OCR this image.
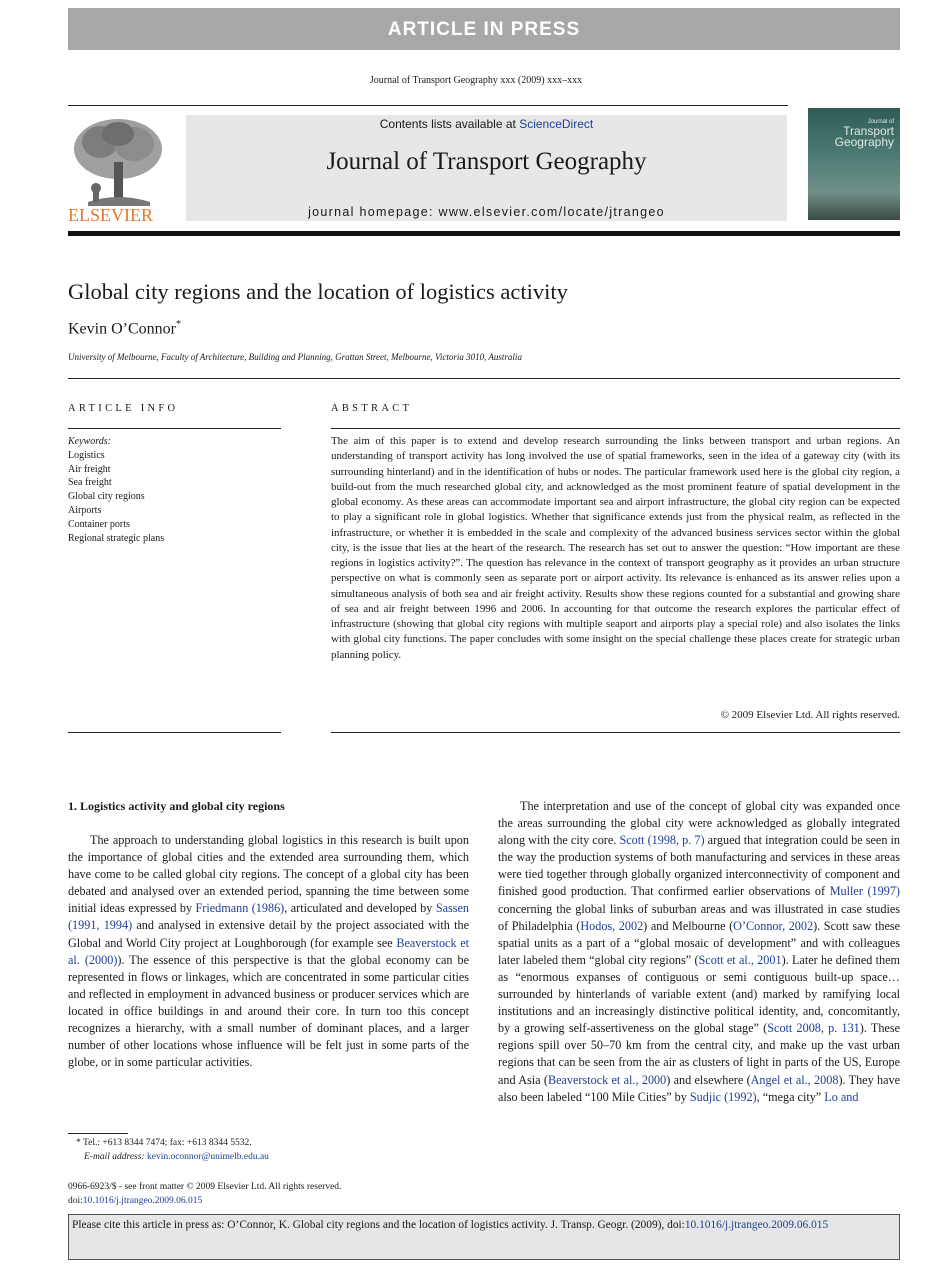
ARTICLE IN PRESS
Journal of Transport Geography xxx (2009) xxx–xxx
ELSEVIER
Contents lists available at ScienceDirect
Journal of Transport Geography
journal homepage: www.elsevier.com/locate/jtrangeo
Journal of
Transport
Geography
Global city regions and the location of logistics activity
Kevin O’Connor*
University of Melbourne, Faculty of Architecture, Building and Planning, Grattan Street, Melbourne, Victoria 3010, Australia
ARTICLE INFO	ABSTRACT
Keywords:
Logistics
Air freight
Sea freight
Global city regions
Airports
Container ports
Regional strategic plans
The aim of this paper is to extend and develop research surrounding the links between transport and urban regions. An understanding of transport activity has long involved the use of spatial frameworks, seen in the idea of a gateway city (with its surrounding hinterland) and in the identification of hubs or nodes. The particular framework used here is the global city region, a build-out from the much researched global city, and acknowledged as the most prominent feature of spatial development in the global economy. As these areas can accommodate important sea and airport infrastructure, the global city region can be expected to play a significant role in global logistics. Whether that significance extends just from the physical realm, as reflected in the infrastructure, or whether it is embedded in the scale and complexity of the advanced business services sector within the global city, is the issue that lies at the heart of the research. The research has set out to answer the question: “How important are these regions in logistics activity?”. The question has relevance in the context of transport geography as it provides an urban structure perspective on what is commonly seen as separate port or airport activity. Its relevance is enhanced as its answer relies upon a simultaneous analysis of both sea and air freight activity. Results show these regions counted for a substantial and growing share of sea and air freight between 1996 and 2006. In accounting for that outcome the research explores the particular effect of infrastructure (showing that global city regions with multiple seaport and airports play a special role) and also isolates the links with global city functions. The paper concludes with some insight on the special challenge these places create for strategic urban planning policy.
© 2009 Elsevier Ltd. All rights reserved.
1. Logistics activity and global city regions

The approach to understanding global logistics in this research is built upon the importance of global cities and the extended area surrounding them, which have come to be called global city regions. The concept of a global city has been debated and analysed over an extended period, spanning the time between some initial ideas expressed by Friedmann (1986), articulated and developed by Sassen (1991, 1994) and analysed in extensive detail by the project associated with the Global and World City project at Loughborough (for example see Beaverstock et al. (2000)). The essence of this perspective is that the global economy can be represented in flows or linkages, which are concentrated in some particular cities and reflected in employment in advanced business or producer services which are located in office buildings in and around their core. In turn too this concept recognizes a hierarchy, with a small number of dominant places, and a larger number of other locations whose influence will be felt just in some parts of the globe, or in some particular activities.

The interpretation and use of the concept of global city was expanded once the areas surrounding the global city were acknowledged as globally integrated along with the city core. Scott (1998, p. 7) argued that integration could be seen in the way the production systems of both manufacturing and services in these areas were tied together through globally organized interconnectivity of component and finished good production. That confirmed earlier observations of Muller (1997) concerning the global links of suburban areas and was illustrated in case studies of Philadelphia (Hodos, 2002) and Melbourne (O’Connor, 2002). Scott saw these spatial units as a part of a “global mosaic of development” and with colleagues later labeled them “global city regions” (Scott et al., 2001). Later he defined them as “enormous expanses of contiguous or semi contiguous built-up space… surrounded by hinterlands of variable extent (and) marked by ramifying local institutions and an increasingly distinctive political identity, and, concomitantly, by a growing self-assertiveness on the global stage” (Scott 2008, p. 131). These regions spill over 50–70 km from the central city, and make up the vast urban regions that can be seen from the air as clusters of light in parts of the US, Europe and Asia (Beaverstock et al., 2000) and elsewhere (Angel et al., 2008). They have also been labeled “100 Mile Cities” by Sudjic (1992), “mega city” Lo and

* Tel.: +613 8344 7474; fax: +613 8344 5532.
E-mail address: kevin.oconnor@unimelb.edu.au
0966-6923/$ - see front matter © 2009 Elsevier Ltd. All rights reserved.
doi:10.1016/j.jtrangeo.2009.06.015
Please cite this article in press as: O’Connor, K. Global city regions and the location of logistics activity. J. Transp. Geogr. (2009), doi:10.1016/j.jtrangeo.2009.06.015
